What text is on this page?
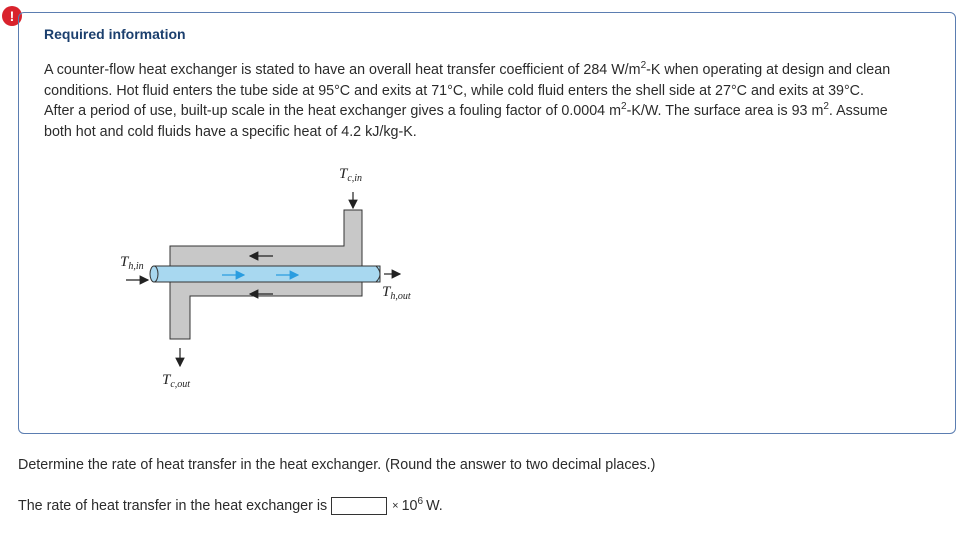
!
Required information
A counter-flow heat exchanger is stated to have an overall heat transfer coefficient of 284 $W/m^2-K$ when operating at design and clean conditions. Hot fluid enters the tube side at 95°C and exits at 71°C, while cold fluid enters the shell side at 27°C and exits at 39°C. After a period of use, built-up scale in the heat exchanger gives a fouling factor of 0.0004 $m^2-K/W$. The surface area is 93 $m^2$. Assume both hot and cold fluids have a specific heat of 4.2 kJ/kg-K.
$T_{c,in}$
$T_{h,in}$
$T_{h,out}$
$T_{c,out}$
Determine the rate of heat transfer in the heat exchanger. (Round the answer to two decimal places.)
The rate of heat transfer in the heat exchanger is	× $10^6$ W.
